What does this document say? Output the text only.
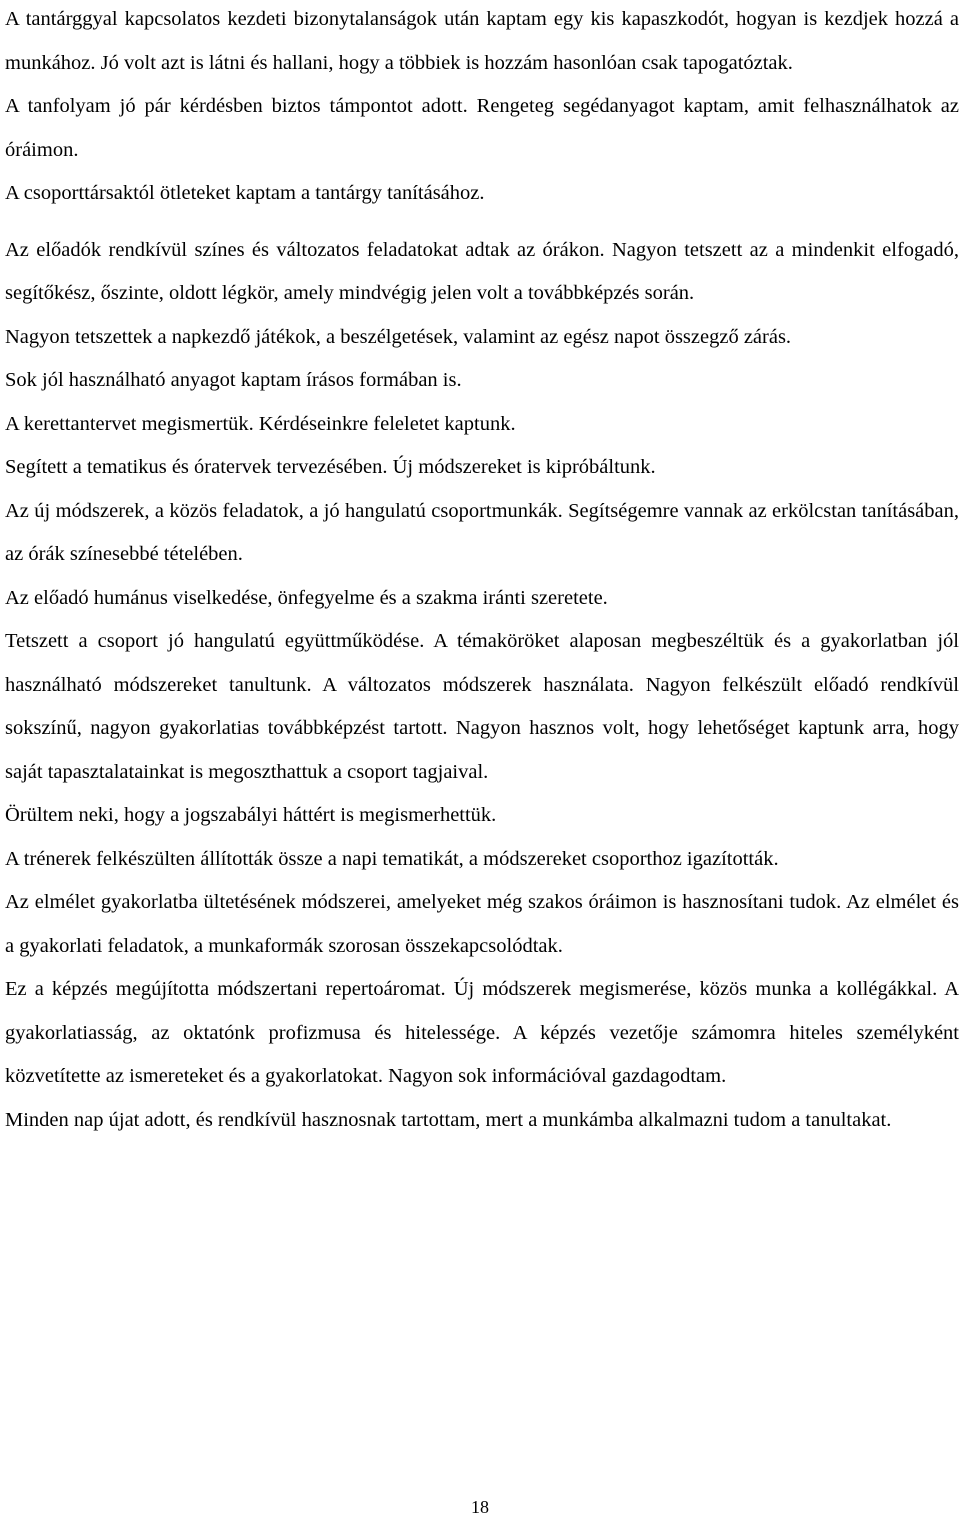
A tantárggyal kapcsolatos kezdeti bizonytalanságok után kaptam egy kis kapaszkodót, hogyan is kezdjek hozzá a munkához. Jó volt azt is látni és hallani, hogy a többiek is hozzám hasonlóan csak tapogatóztak.

A tanfolyam jó pár kérdésben biztos támpontot adott. Rengeteg segédanyagot kaptam, amit felhasználhatok az óráimon.

A csoporttársaktól ötleteket kaptam a tantárgy tanításához.

Az előadók rendkívül színes és változatos feladatokat adtak az órákon. Nagyon tetszett az a mindenkit elfogadó, segítőkész, őszinte, oldott légkör, amely mindvégig jelen volt a továbbképzés során.

Nagyon tetszettek a napkezdő játékok, a beszélgetések, valamint az egész napot összegző zárás.

Sok jól használható anyagot kaptam írásos formában is.

A kerettantervet megismertük. Kérdéseinkre feleletet kaptunk.

Segített a tematikus és óratervek tervezésében. Új módszereket is kipróbáltunk.

Az új módszerek, a közös feladatok, a jó hangulatú csoportmunkák. Segítségemre vannak az erkölcstan tanításában, az órák színesebbé tételében.

Az előadó humánus viselkedése, önfegyelme és a szakma iránti szeretete.

Tetszett a csoport jó hangulatú együttműködése. A témaköröket alaposan megbeszéltük és a gyakorlatban jól használható módszereket tanultunk. A változatos módszerek használata. Nagyon felkészült előadó rendkívül sokszínű, nagyon gyakorlatias továbbképzést tartott. Nagyon hasznos volt, hogy lehetőséget kaptunk arra, hogy saját tapasztalatainkat is megoszthattuk a csoport tagjaival.

Örültem neki, hogy a jogszabályi háttért is megismerhettük.

A trénerek felkészülten állították össze a napi tematikát, a módszereket csoporthoz igazították.

Az elmélet gyakorlatba ültetésének módszerei, amelyeket még szakos óráimon is hasznosítani tudok. Az elmélet és a gyakorlati feladatok, a munkaformák szorosan összekapcsolódtak.

Ez a képzés megújította módszertani repertoáromat. Új módszerek megismerése, közös munka a kollégákkal. A gyakorlatiasság, az oktatónk profizmusa és hitelessége. A képzés vezetője számomra hiteles személyként közvetítette az ismereteket és a gyakorlatokat. Nagyon sok információval gazdagodtam.

Minden nap újat adott, és rendkívül hasznosnak tartottam, mert a munkámba alkalmazni tudom a tanultakat.

18
